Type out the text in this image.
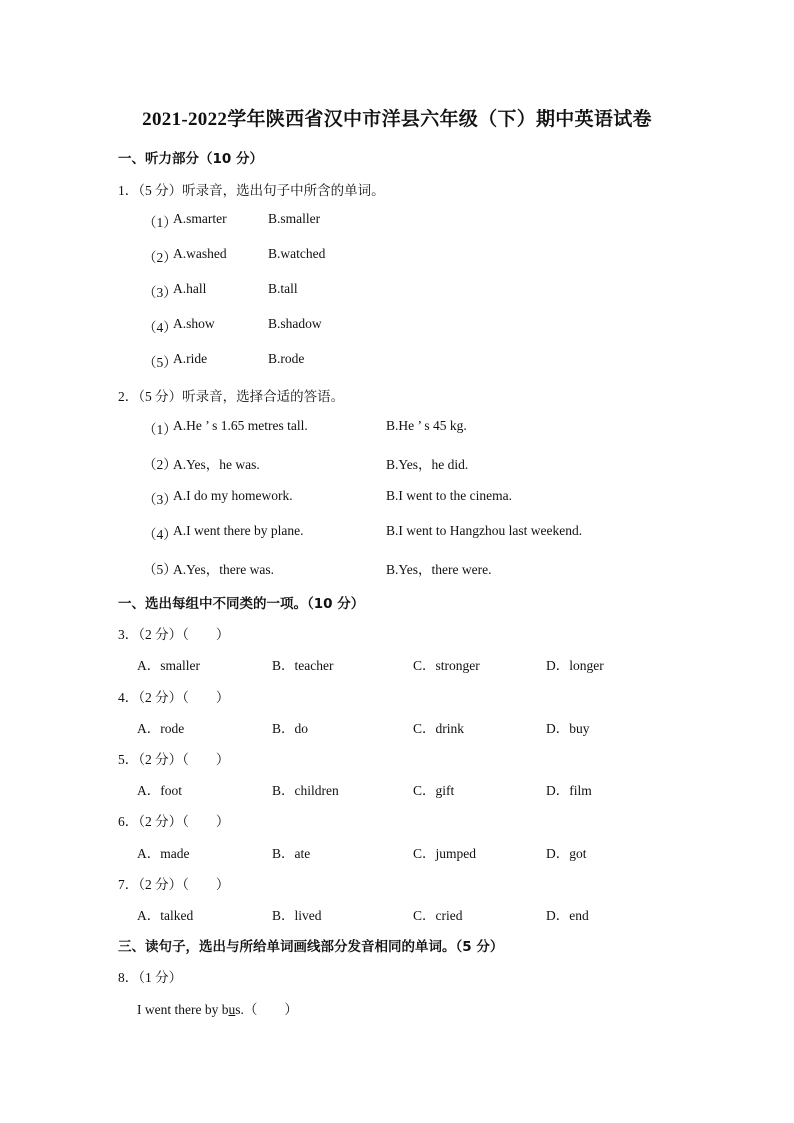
2021-2022学年陕西省汉中市洋县六年级（下）期中英语试卷
一、听力部分（10 分）
1．（5 分）听录音，选出句子中所含的单词。
（1）
A.smarter	B.smaller
（2）
A.washed	B.watched
（3）
A.hall	B.tall
（4）
A.show	B.shadow
（5）
A.ride	B.rode
2．（5 分）听录音，选择合适的答语。
（1）
A.He ’ s 1.65 metres tall.	B.He ’ s 45 kg.
（2）
A.Yes，he was.	B.Yes，he did.
（3）
A.I do my homework.	B.I went to the cinema.
（4）
A.I went there by plane.	B.I went to Hangzhou last weekend.
（5）
A.Yes，there was.	B.Yes，there were.
一、选出每组中不同类的一项。（10 分）
3．（2 分）（　　）
A．smaller	B．teacher	C．stronger	D．longer
4．（2 分）（　　）
A．rode	B．do	C．drink	D．buy
5．（2 分）（　　）
A．foot	B．children	C．gift	D．film
6．（2 分）（　　）
A．made	B．ate	C．jumped	D．got
7．（2 分）（　　）
A．talked	B．lived	C．cried	D．end
三、读句子，选出与所给单词画线部分发音相同的单词。（5 分）
8．（1 分）
I went there by bus.（　　）
